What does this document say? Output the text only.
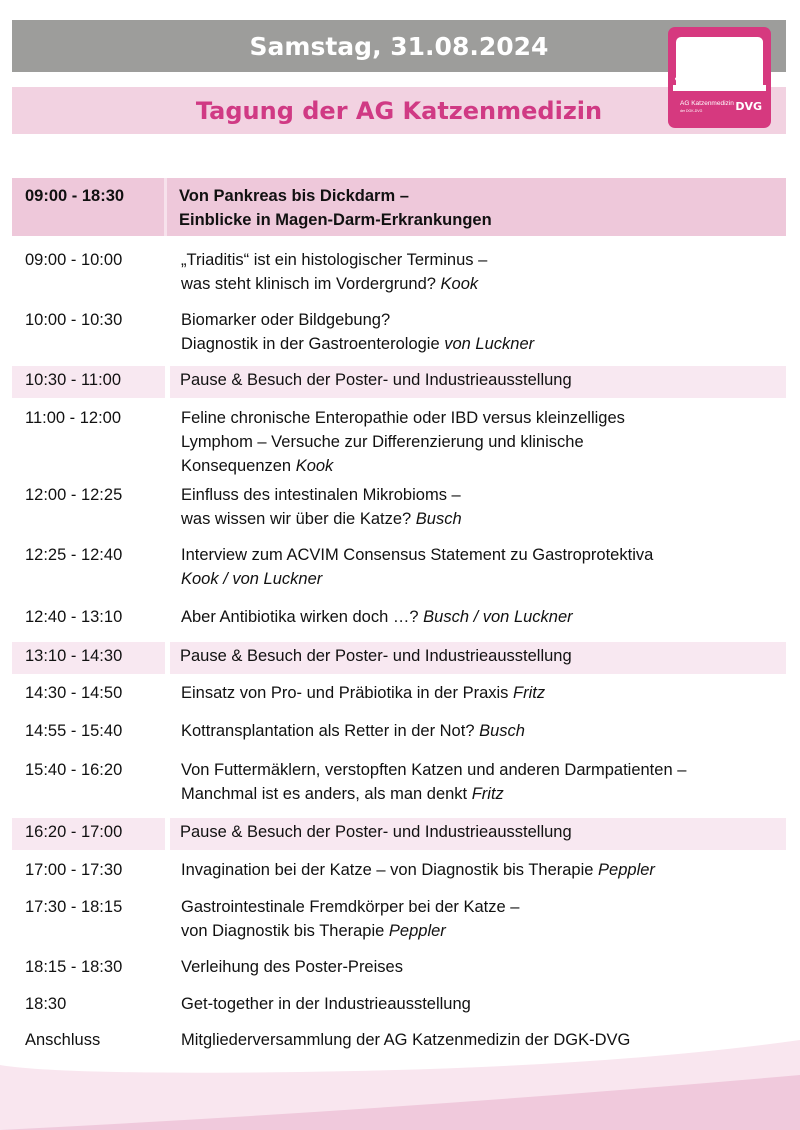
Samstag, 31.08.2024
Tagung der AG Katzenmedizin	AG Katzenmedizin
der DGK-DVG	DVG
09:00 - 18:30	Von Pankreas bis Dickdarm –
Einblicke in Magen-Darm-Erkrankungen
09:00 - 10:00	„Triaditis“ ist ein histologischer Terminus –
was steht klinisch im Vordergrund? Kook
10:00 - 10:30	Biomarker oder Bildgebung?
Diagnostik in der Gastroenterologie von Luckner
10:30 - 11:00	Pause & Besuch der Poster- und Industrieausstellung
11:00 - 12:00	Feline chronische Enteropathie oder IBD versus kleinzelliges
Lymphom – Versuche zur Differenzierung und klinische
Konsequenzen Kook
12:00 - 12:25	Einfluss des intestinalen Mikrobioms –
was wissen wir über die Katze? Busch
12:25 - 12:40	Interview zum ACVIM Consensus Statement zu Gastroprotektiva
Kook / von Luckner
12:40 - 13:10	Aber Antibiotika wirken doch …? Busch / von Luckner
13:10 - 14:30	Pause & Besuch der Poster- und Industrieausstellung
14:30 - 14:50	Einsatz von Pro- und Präbiotika in der Praxis Fritz
14:55 - 15:40	Kottransplantation als Retter in der Not? Busch
15:40 - 16:20	Von Futtermäklern, verstopften Katzen und anderen Darmpatienten –
Manchmal ist es anders, als man denkt Fritz
16:20 - 17:00	Pause & Besuch der Poster- und Industrieausstellung
17:00 - 17:30	Invagination bei der Katze – von Diagnostik bis Therapie Peppler
17:30 - 18:15	Gastrointestinale Fremdkörper bei der Katze –
von Diagnostik bis Therapie Peppler
18:15 - 18:30	Verleihung des Poster-Preises
18:30	Get-together in der Industrieausstellung
Anschluss	Mitgliederversammlung der AG Katzenmedizin der DGK-DVG
